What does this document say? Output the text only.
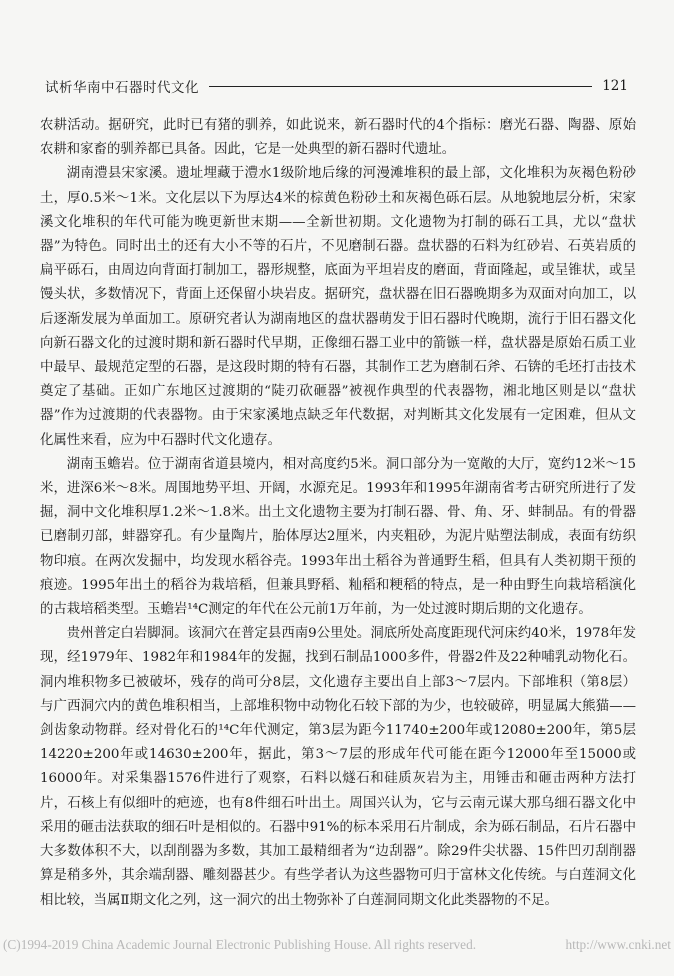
试析华南中石器时代文化	121

农耕活动。据研究，此时已有猪的驯养，如此说来，新石器时代的4个指标：磨光石器、陶器、原始农耕和家畜的驯养都已具备。因此，它是一处典型的新石器时代遗址。

湖南澧县宋家溪。遗址埋藏于澧水1级阶地后缘的河漫滩堆积的最上部，文化堆积为灰褐色粉砂土，厚0.5米～1米。文化层以下为厚达4米的棕黄色粉砂土和灰褐色砾石层。从地貌地层分析，宋家溪文化堆积的年代可能为晚更新世末期——全新世初期。文化遗物为打制的砾石工具，尤以“盘状器”为特色。同时出土的还有大小不等的石片，不见磨制石器。盘状器的石料为红砂岩、石英岩质的扁平砾石，由周边向背面打制加工，器形规整，底面为平坦岩皮的磨面，背面隆起，或呈锥状，或呈馒头状，多数情况下，背面上还保留小块岩皮。据研究，盘状器在旧石器晚期多为双面对向加工，以后逐渐发展为单面加工。原研究者认为湖南地区的盘状器萌发于旧石器时代晚期，流行于旧石器文化向新石器文化的过渡时期和新石器时代早期，正像细石器工业中的箭镞一样，盘状器是原始石质工业中最早、最规范定型的石器，是这段时期的特有石器，其制作工艺为磨制石斧、石锛的毛坯打击技术奠定了基础。正如广东地区过渡期的“陡刃砍砸器”被视作典型的代表器物，湘北地区则是以“盘状器”作为过渡期的代表器物。由于宋家溪地点缺乏年代数据，对判断其文化发展有一定困难，但从文化属性来看，应为中石器时代文化遗存。

湖南玉蟾岩。位于湖南省道县境内，相对高度约5米。洞口部分为一宽敞的大厅，宽约12米～15米，进深6米～8米。周围地势平坦、开阔，水源充足。1993年和1995年湖南省考古研究所进行了发掘，洞中文化堆积厚1.2米～1.8米。出土文化遗物主要为打制石器、骨、角、牙、蚌制品。有的骨器已磨制刃部，蚌器穿孔。有少量陶片，胎体厚达2厘米，内夹粗砂，为泥片贴塑法制成，表面有纺织物印痕。在两次发掘中，均发现水稻谷壳。1993年出土稻谷为普通野生稻，但具有人类初期干预的痕迹。1995年出土的稻谷为栽培稻，但兼具野稻、籼稻和粳稻的特点，是一种由野生向栽培稻演化的古栽培稻类型。玉蟾岩¹⁴C测定的年代在公元前1万年前，为一处过渡时期后期的文化遗存。

贵州普定白岩脚洞。该洞穴在普定县西南9公里处。洞底所处高度距现代河床约40米，1978年发现，经1979年、1982年和1984年的发掘，找到石制品1000多件，骨器2件及22种哺乳动物化石。洞内堆积物多已被破坏，残存的尚可分8层，文化遗存主要出自上部3～7层内。下部堆积（第8层）与广西洞穴内的黄色堆积相当，上部堆积物中动物化石较下部的为少，也较破碎，明显属大熊猫——剑齿象动物群。经对骨化石的¹⁴C年代测定，第3层为距今11740±200年或12080±200年，第5层14220±200年或14630±200年，据此，第3～7层的形成年代可能在距今12000年至15000或16000年。对采集器1576件进行了观察，石料以燧石和硅质灰岩为主，用锤击和砸击两种方法打片，石核上有似细叶的疤迹，也有8件细石叶出土。周国兴认为，它与云南元谋大那乌细石器文化中采用的砸击法获取的细石叶是相似的。石器中91%的标本采用石片制成，余为砾石制品，石片石器中大多数体积不大，以刮削器为多数，其加工最精细者为“边刮器”。除29件尖状器、15件凹刃刮削器算是稍多外，其余端刮器、雕刻器甚少。有些学者认为这些器物可归于富林文化传统。与白莲洞文化相比较，当属Ⅱ期文化之列，这一洞穴的出土物弥补了白莲洞同期文化此类器物的不足。

(C)1994-2019 China Academic Journal Electronic Publishing House. All rights reserved.	http://www.cnki.net
